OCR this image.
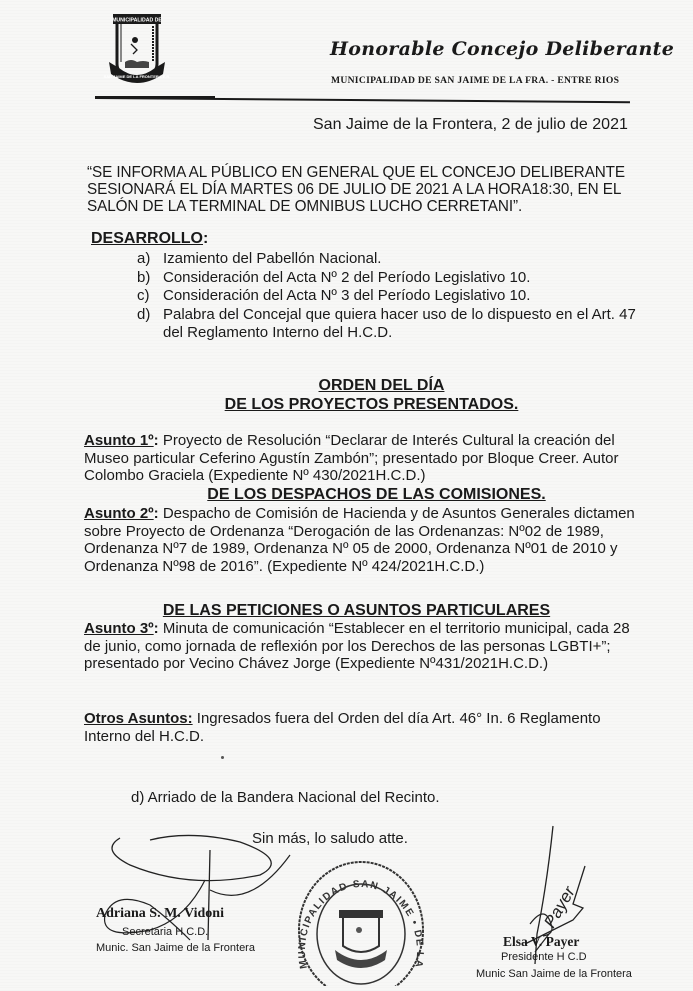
MUNICIPALIDAD DE
SAN JAIME DE LA FRONTERA E.R.
Honorable Concejo Deliberante
MUNICIPALIDAD DE SAN JAIME DE LA FRA. - ENTRE RIOS
San Jaime de la Frontera, 2 de julio de 2021
“SE INFORMA AL PÚBLICO EN GENERAL QUE EL CONCEJO DELIBERANTE
SESIONARÁ EL DÍA MARTES 06 DE JULIO DE 2021 A LA HORA18:30, EN EL
SALÓN DE LA TERMINAL DE OMNIBUS LUCHO CERRETANI”.
DESARROLLO:
a) Izamiento del Pabellón Nacional.
b) Consideración del Acta Nº 2 del Período Legislativo 10.
c) Consideración del Acta Nº 3 del Período Legislativo 10.
d) Palabra del Concejal que quiera hacer uso de lo dispuesto en el Art. 47
del Reglamento Interno del H.C.D.
ORDEN DEL DÍA
DE LOS PROYECTOS PRESENTADOS.
Asunto 1º: Proyecto de Resolución “Declarar de Interés Cultural la creación del
Museo particular Ceferino Agustín Zambón”; presentado por Bloque Creer. Autor
Colombo Graciela (Expediente Nº 430/2021H.C.D.)
DE LOS DESPACHOS DE LAS COMISIONES.
Asunto 2º: Despacho de Comisión de Hacienda y de Asuntos Generales dictamen
sobre Proyecto de Ordenanza “Derogación de las Ordenanzas: Nº02 de 1989,
Ordenanza Nº7 de 1989, Ordenanza Nº 05 de 2000, Ordenanza Nº01 de 2010 y
Ordenanza Nº98 de 2016”. (Expediente Nº 424/2021H.C.D.)
DE LAS PETICIONES O ASUNTOS PARTICULARES
Asunto 3º: Minuta de comunicación “Establecer en el territorio municipal, cada 28
de junio, como jornada de reflexión por los Derechos de las personas LGBTI+”;
presentado por Vecino Chávez Jorge (Expediente Nº431/2021H.C.D.)
Otros Asuntos: Ingresados fuera del Orden del día Art. 46° In. 6 Reglamento
Interno del H.C.D.
d) Arriado de la Bandera Nacional del Recinto.
Sin más, lo saludo atte.
Adriana S. M. Vidoni
Secretaria H.C.D.
Munic. San Jaime de la Frontera
MUNICIPALIDAD SAN JAIME • DE LA
Payer
Elsa V. Payer
Presidente H C.D
Munic San Jaime de la Frontera
